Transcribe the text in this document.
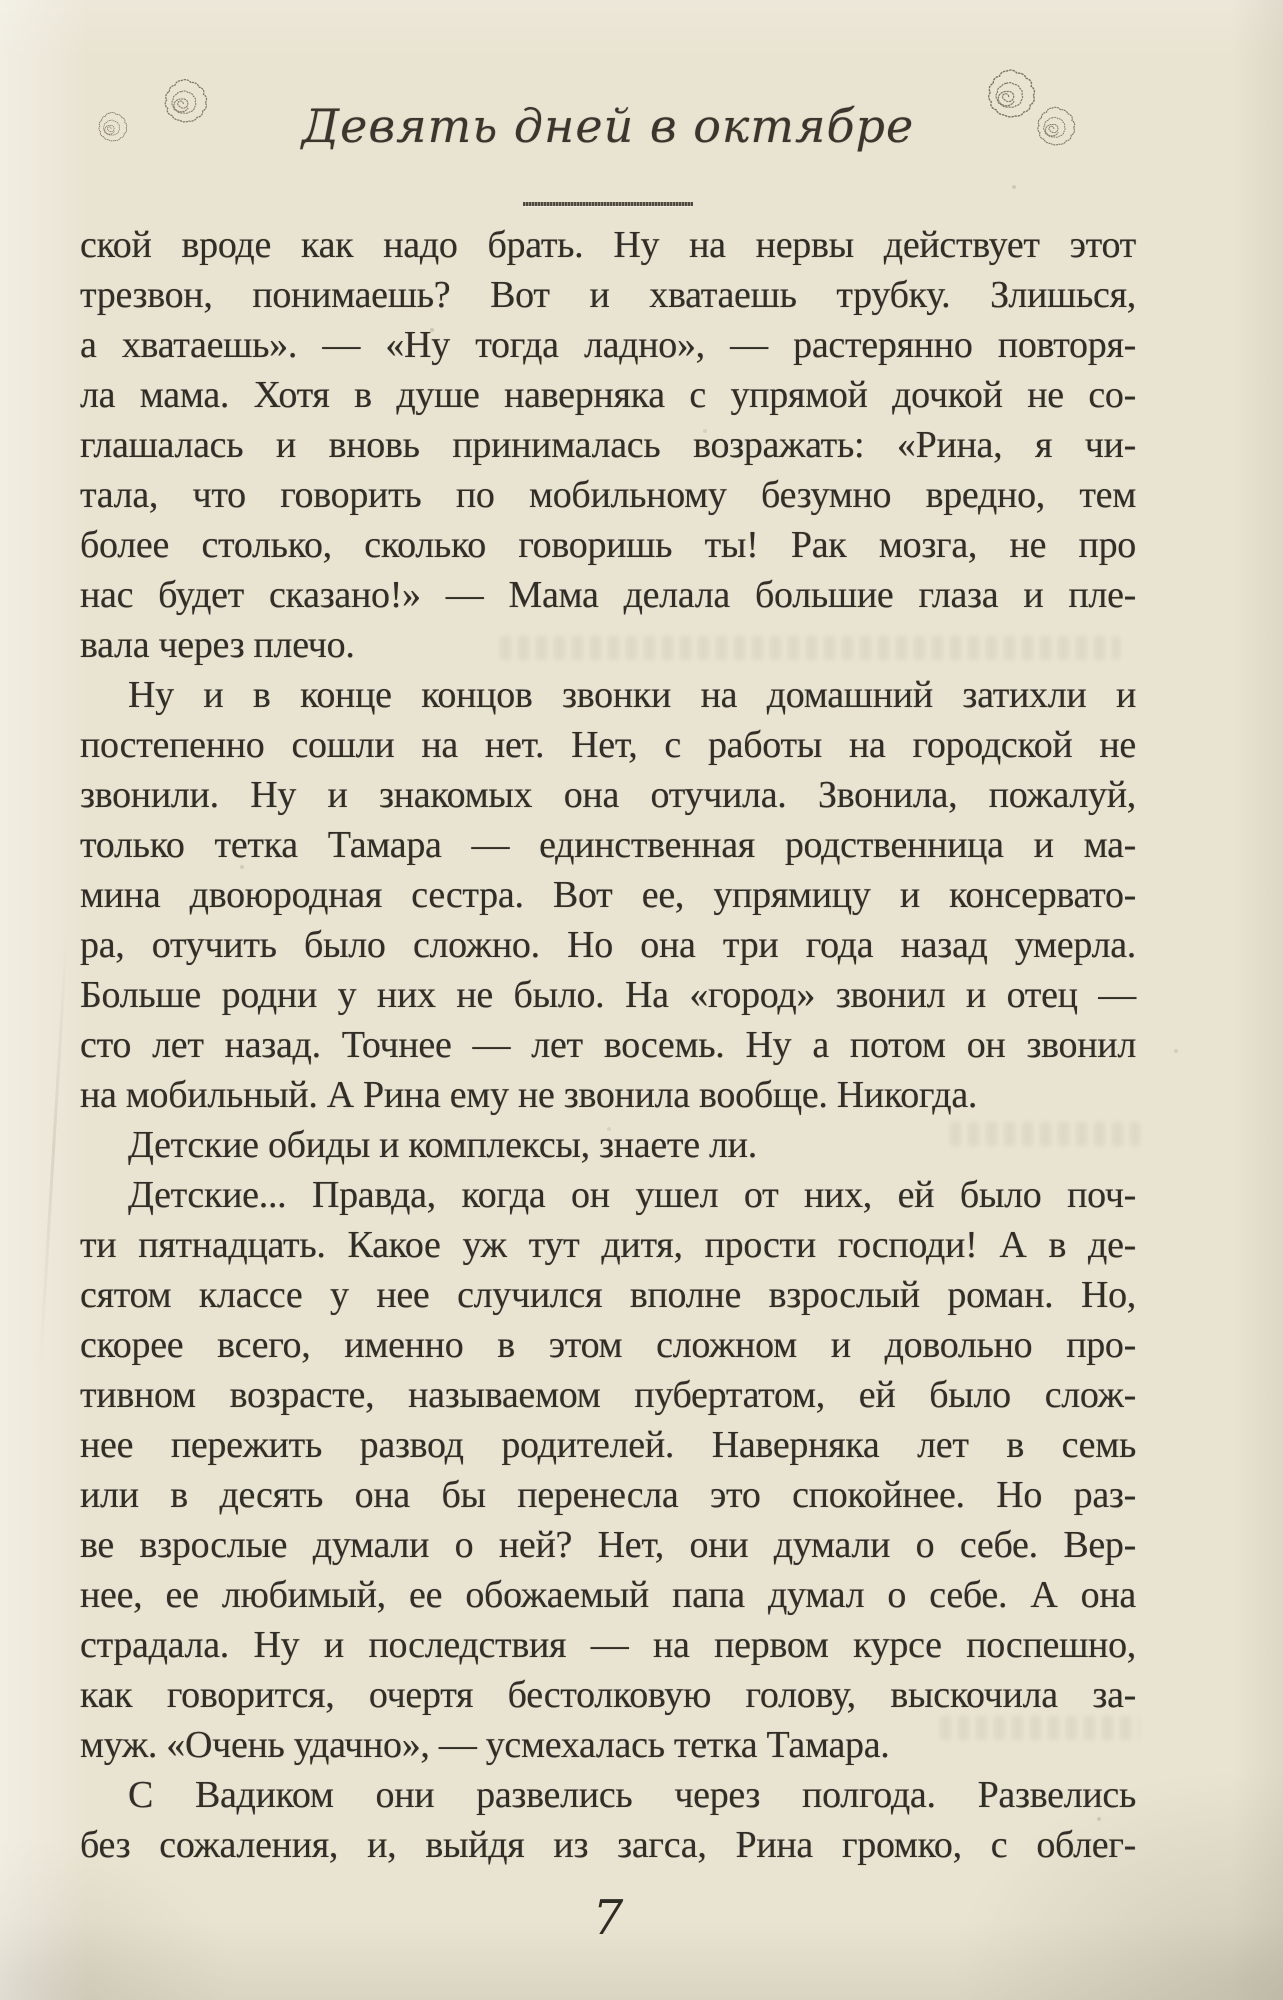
Девять дней в октябре
ской вроде как надо брать. Ну на нервы действует этот
трезвон, понимаешь? Вот и хватаешь трубку. Злишься,
а хватаешь». — «Ну тогда ладно», — растерянно повторя-
ла мама. Хотя в душе наверняка с упрямой дочкой не со-
глашалась и вновь принималась возражать: «Рина, я чи-
тала, что говорить по мобильному безумно вредно, тем
более столько, сколько говоришь ты! Рак мозга, не про
нас будет сказано!» — Мама делала большие глаза и пле-
вала через плечо.
Ну и в конце концов звонки на домашний затихли и
постепенно сошли на нет. Нет, с работы на городской не
звонили. Ну и знакомых она отучила. Звонила, пожалуй,
только тетка Тамара — единственная родственница и ма-
мина двоюродная сестра. Вот ее, упрямицу и консервато-
ра, отучить было сложно. Но она три года назад умерла.
Больше родни у них не было. На «город» звонил и отец —
сто лет назад. Точнее — лет восемь. Ну а потом он звонил
на мобильный. А Рина ему не звонила вообще. Никогда.
Детские обиды и комплексы, знаете ли.
Детские... Правда, когда он ушел от них, ей было поч-
ти пятнадцать. Какое уж тут дитя, прости господи! А в де-
сятом классе у нее случился вполне взрослый роман. Но,
скорее всего, именно в этом сложном и довольно про-
тивном возрасте, называемом пубертатом, ей было слож-
нее пережить развод родителей. Наверняка лет в семь
или в десять она бы перенесла это спокойнее. Но раз-
ве взрослые думали о ней? Нет, они думали о себе. Вер-
нее, ее любимый, ее обожаемый папа думал о себе. А она
страдала. Ну и последствия — на первом курсе поспешно,
как говорится, очертя бестолковую голову, выскочила за-
муж. «Очень удачно», — усмехалась тетка Тамара.
С Вадиком они развелись через полгода. Развелись
без сожаления, и, выйдя из загса, Рина громко, с облег-
7
